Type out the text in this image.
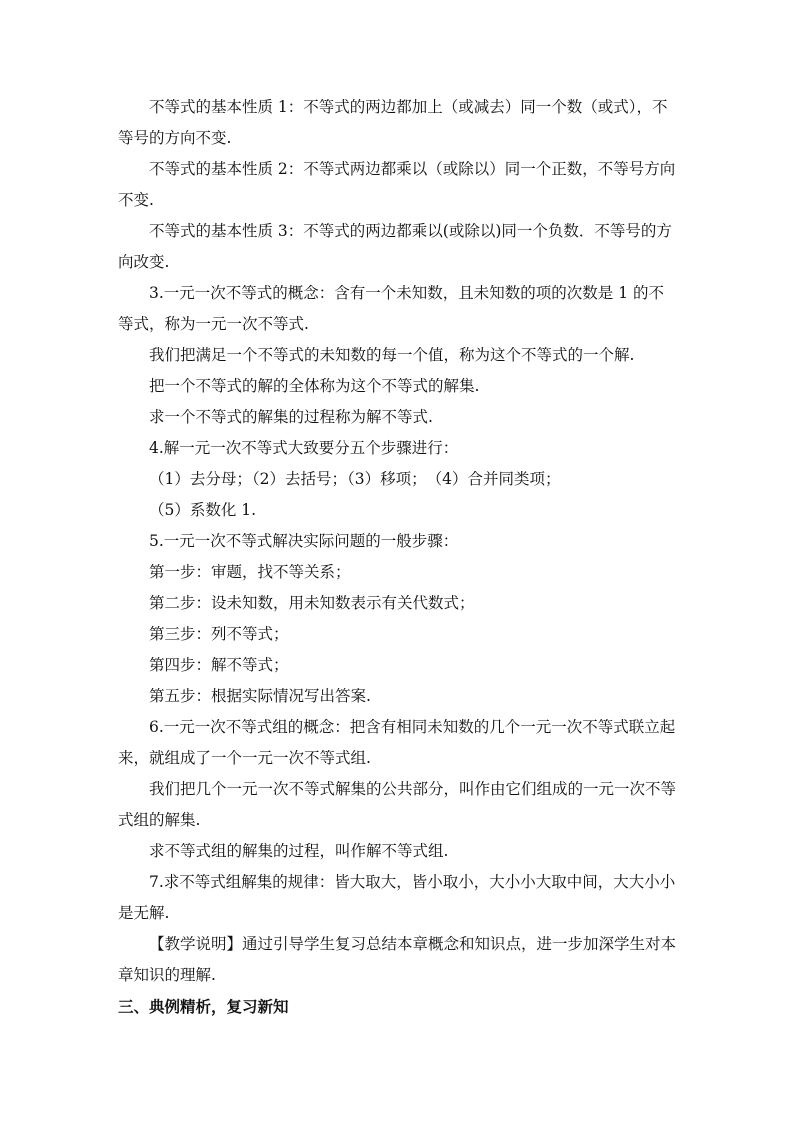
不等式的基本性质 1：不等式的两边都加上（或减去）同一个数（或式），不等号的方向不变.

不等式的基本性质 2：不等式两边都乘以（或除以）同一个正数，不等号方向不变.

不等式的基本性质 3：不等式的两边都乘以(或除以)同一个负数．不等号的方向改变.

3.一元一次不等式的概念：含有一个未知数，且未知数的项的次数是 1 的不等式，称为一元一次不等式.

我们把满足一个不等式的未知数的每一个值，称为这个不等式的一个解.

把一个不等式的解的全体称为这个不等式的解集.

求一个不等式的解集的过程称为解不等式.

4.解一元一次不等式大致要分五个步骤进行：

（1）去分母；（2）去括号；（3）移项；　（4）合并同类项；

（5）系数化 1.

5.一元一次不等式解决实际问题的一般步骤：

第一步：审题，找不等关系；

第二步：设未知数，用未知数表示有关代数式；

第三步：列不等式；

第四步：解不等式；

第五步：根据实际情况写出答案.

6.一元一次不等式组的概念：把含有相同未知数的几个一元一次不等式联立起来，就组成了一个一元一次不等式组.

我们把几个一元一次不等式解集的公共部分，叫作由它们组成的一元一次不等式组的解集.

求不等式组的解集的过程，叫作解不等式组.

7.求不等式组解集的规律：皆大取大，皆小取小，大小小大取中间，大大小小是无解.

【教学说明】通过引导学生复习总结本章概念和知识点，进一步加深学生对本章知识的理解.

三、典例精析，复习新知
